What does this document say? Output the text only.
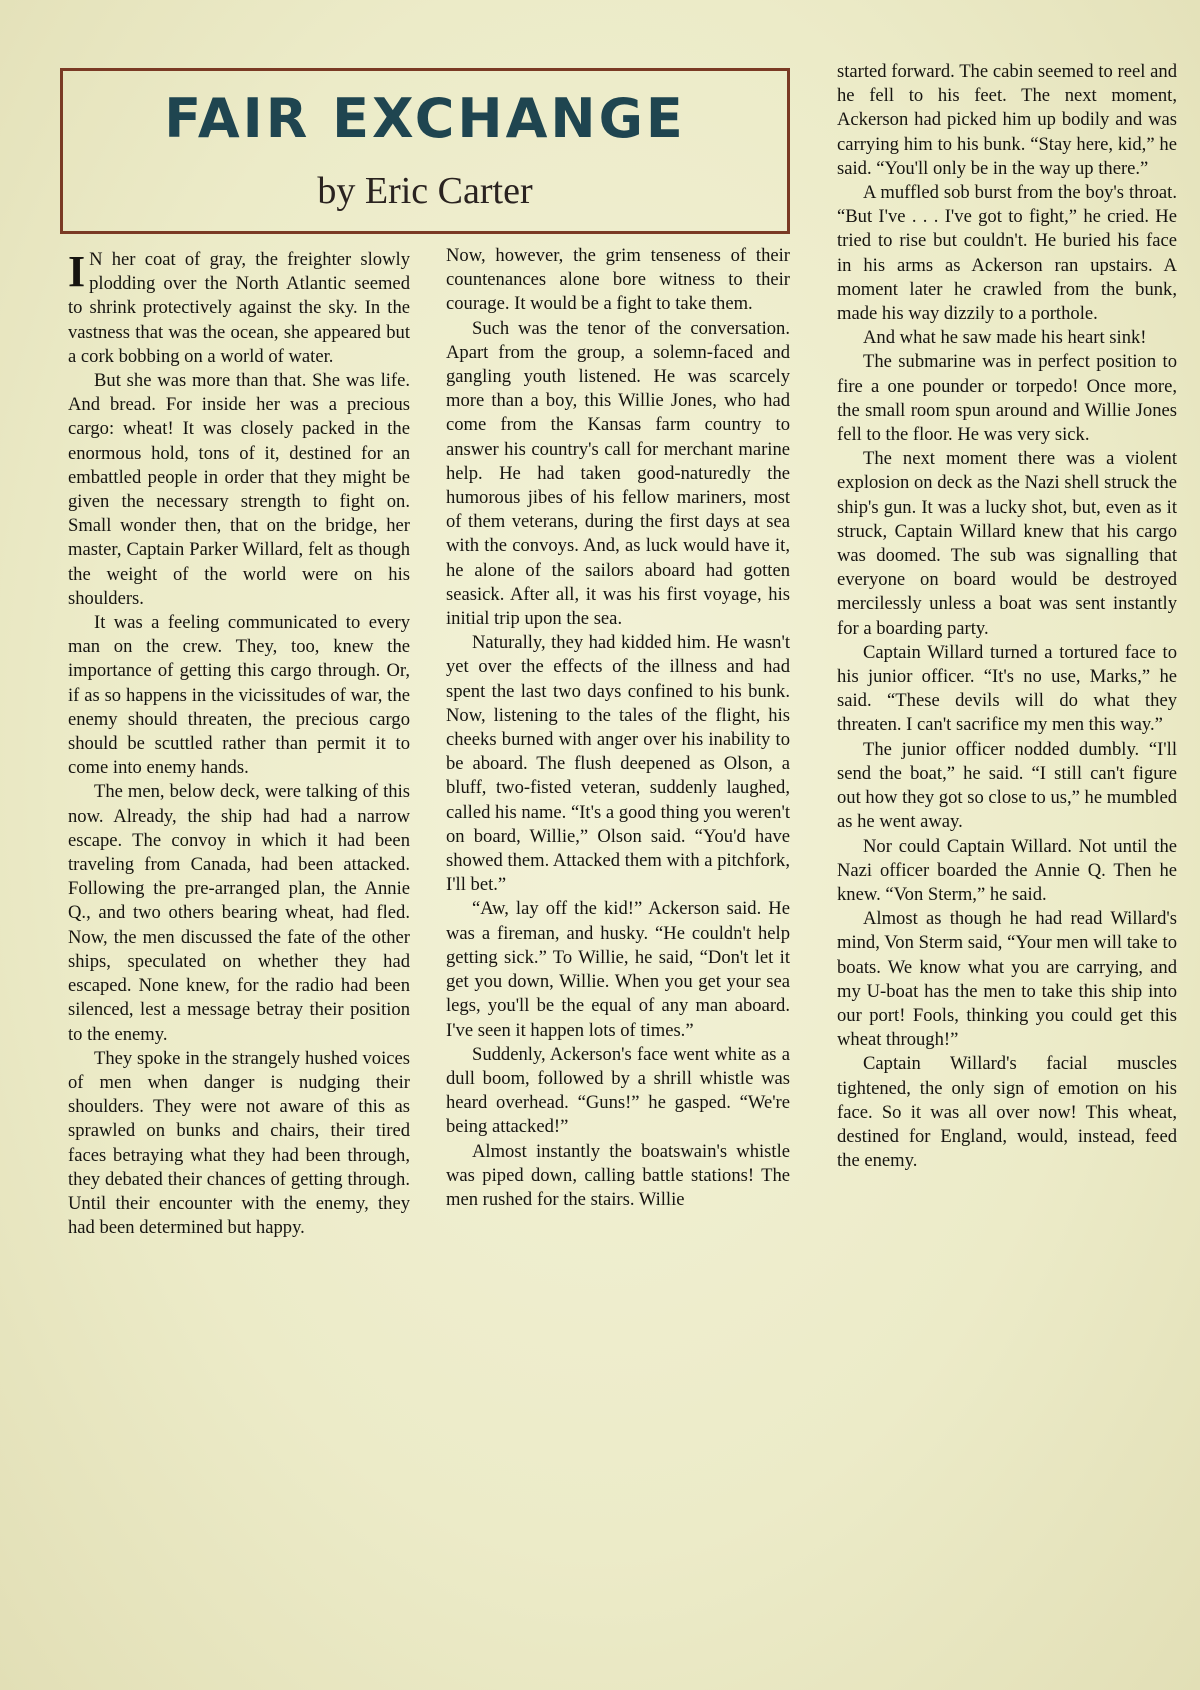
FAIR EXCHANGE
by Eric Carter

I N her coat of gray, the freighter slowly plodding over the North Atlantic seemed to shrink protectively against the sky. In the vastness that was the ocean, she appeared but a cork bobbing on a world of water.

But she was more than that. She was life. And bread. For inside her was a precious cargo: wheat! It was closely packed in the enormous hold, tons of it, destined for an embattled people in order that they might be given the necessary strength to fight on. Small wonder then, that on the bridge, her master, Captain Parker Willard, felt as though the weight of the world were on his shoulders.

It was a feeling communicated to every man on the crew. They, too, knew the importance of getting this cargo through. Or, if as so happens in the vicissitudes of war, the enemy should threaten, the precious cargo should be scuttled rather than permit it to come into enemy hands.

The men, below deck, were talking of this now. Already, the ship had had a narrow escape. The convoy in which it had been traveling from Canada, had been attacked. Following the pre-arranged plan, the Annie Q., and two others bearing wheat, had fled. Now, the men discussed the fate of the other ships, speculated on whether they had escaped. None knew, for the radio had been silenced, lest a message betray their position to the enemy.

They spoke in the strangely hushed voices of men when danger is nudging their shoulders. They were not aware of this as sprawled on bunks and chairs, their tired faces betraying what they had been through, they debated their chances of getting through. Until their encounter with the enemy, they had been determined but happy.

Now, however, the grim tenseness of their countenances alone bore witness to their courage. It would be a fight to take them.

Such was the tenor of the conversation. Apart from the group, a solemn-faced and gangling youth listened. He was scarcely more than a boy, this Willie Jones, who had come from the Kansas farm country to answer his country's call for merchant marine help. He had taken good-naturedly the humorous jibes of his fellow mariners, most of them veterans, during the first days at sea with the convoys. And, as luck would have it, he alone of the sailors aboard had gotten seasick. After all, it was his first voyage, his initial trip upon the sea.

Naturally, they had kidded him. He wasn't yet over the effects of the illness and had spent the last two days confined to his bunk. Now, listening to the tales of the flight, his cheeks burned with anger over his inability to be aboard. The flush deepened as Olson, a bluff, two-fisted veteran, suddenly laughed, called his name. “It's a good thing you weren't on board, Willie,” Olson said. “You'd have showed them. Attacked them with a pitchfork, I'll bet.”

“Aw, lay off the kid!” Ackerson said. He was a fireman, and husky. “He couldn't help getting sick.” To Willie, he said, “Don't let it get you down, Willie. When you get your sea legs, you'll be the equal of any man aboard. I've seen it happen lots of times.”

Suddenly, Ackerson's face went white as a dull boom, followed by a shrill whistle was heard overhead. “Guns!” he gasped. “We're being attacked!”

Almost instantly the boatswain's whistle was piped down, calling battle stations! The men rushed for the stairs. Willie

started forward. The cabin seemed to reel and he fell to his feet. The next moment, Ackerson had picked him up bodily and was carrying him to his bunk. “Stay here, kid,” he said. “You'll only be in the way up there.”

A muffled sob burst from the boy's throat. “But I've . . . I've got to fight,” he cried. He tried to rise but couldn't. He buried his face in his arms as Ackerson ran upstairs. A moment later he crawled from the bunk, made his way dizzily to a porthole.

And what he saw made his heart sink!

The submarine was in perfect position to fire a one pounder or torpedo! Once more, the small room spun around and Willie Jones fell to the floor. He was very sick.

The next moment there was a violent explosion on deck as the Nazi shell struck the ship's gun. It was a lucky shot, but, even as it struck, Captain Willard knew that his cargo was doomed. The sub was signalling that everyone on board would be destroyed mercilessly unless a boat was sent instantly for a boarding party.

Captain Willard turned a tortured face to his junior officer. “It's no use, Marks,” he said. “These devils will do what they threaten. I can't sacrifice my men this way.”

The junior officer nodded dumbly. “I'll send the boat,” he said. “I still can't figure out how they got so close to us,” he mumbled as he went away.

Nor could Captain Willard. Not until the Nazi officer boarded the Annie Q. Then he knew. “Von Sterm,” he said.

Almost as though he had read Willard's mind, Von Sterm said, “Your men will take to boats. We know what you are carrying, and my U-boat has the men to take this ship into our port! Fools, thinking you could get this wheat through!”

Captain Willard's facial muscles tightened, the only sign of emotion on his face. So it was all over now! This wheat, destined for England, would, instead, feed the enemy.
